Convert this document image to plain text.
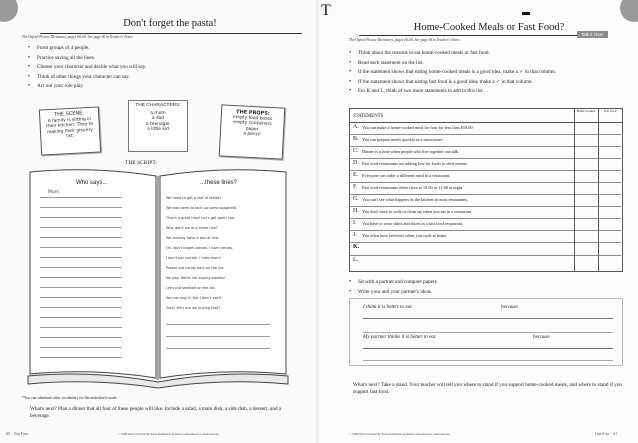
Don't forget the pasta!
The Oxford Picture Dictionary, pages 00–00. See page 00 in Teacher's Notes
• Form groups of 4 people.
• Practice saying all the lines.
• Choose your character and decide what you will say.
• Think of other things your character can say.
• Act out your role play.
THE SCENE:
A family is sitting in their kitchen. They're making their grocery list.
THE CHARACTERS:
a mom
a dad
a teenager
a little kid
THE PROPS:
empty food boxes
empty containers
paper
a pencil
THE SCRIPT:
Who says...
Mom
...these lines?
We need to get a loaf of bread!
We also need to pick up some spaghetti.
That's a great idea! Let's get garlic too.
Why don't we buy some rice?
We already have a box of rice.
Oh, don't forget carrots. I love carrots.
I don't eat carrots. I hate them!
Please put candy bars on the list.
No way. We're not buying sweets!
Let's put seafood on the list.
You can buy it, but I won't eat it.
Yuck! Why are we buying that?
*You can substitute other vocabulary for the underlined words.
What's next? Plan a dinner that all four of these people will like. Include a salad, a main dish, a side dish, a dessert, and a beverage.
60 Unit Four	© 1998 Oxford University Press Permission granted to reproduce for classroom use.
T
Home-Cooked Meals or Fast Food?
Talk it Over
The Oxford Picture Dictionary, pages 00–00. See page 00 in Teacher's Notes
• Think about the reasons to eat home-cooked meals or fast food.
• Read each statement on the list.
• If the statement shows that eating home-cooked meals is a good idea, make a ✓ in that column.
• If the statement shows that eating fast food is a good idea, make a ✓ in that column.
• For K and L, think of two more statements to add to this list.
STATEMENTS
Home Cooked	Fast Food
A. You can make a home-cooked meal for four for less than $10.00.
B. You can prepare meals quickly in a microwave.
C. Dinner is a time when people who live together can talk.
D. Fast food restaurants are adding low-fat foods to their menus.
E. Everyone can order a different meal in a restaurant.
F. Fast food restaurants often close at 10:00 or 11:00 at night.
G. You can't see what happens in the kitchen in most restaurants.
H. You don't have to cook or clean up when you eat in a restaurant.
I. You have to wear shirts and shoes in a fast food restaurant.
J. You often have leftovers when you cook at home.
K.
L.
• Sit with a partner and compare papers.
• Write your and your partner's ideas.
I think it is better to eat	because
My partner thinks it is better to eat	because
What's next? Take a stand. Your teacher will tell you where to stand if you support home-cooked meals, and where to stand if you support fast food.
© 1998 Oxford University Press Permission granted to reproduce for classroom use.	Unit Four 61
